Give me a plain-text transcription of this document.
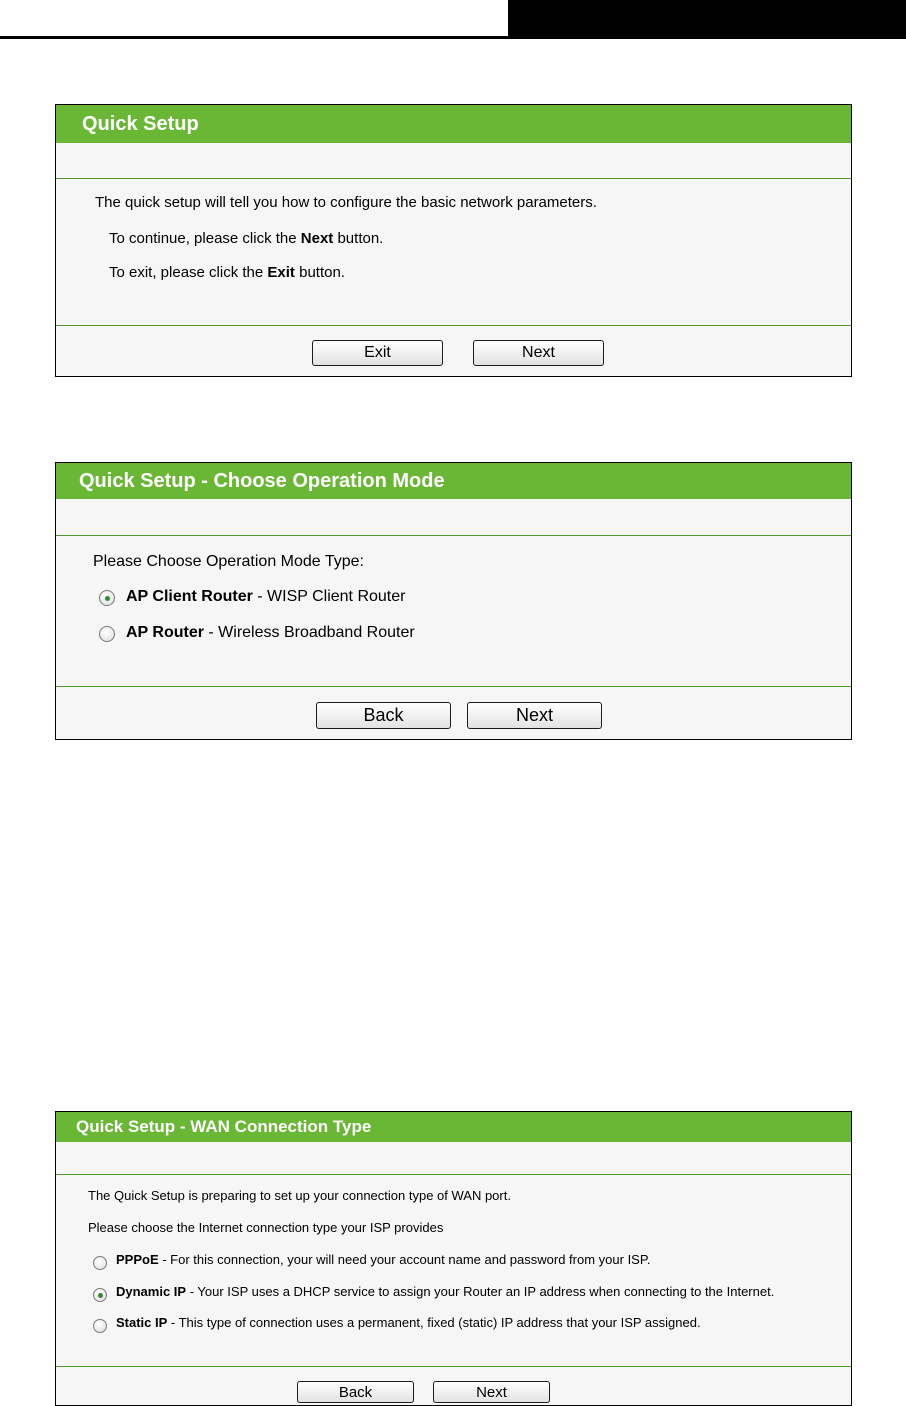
Quick Setup

The quick setup will tell you how to configure the basic network parameters.

To continue, please click the Next button.

To exit, please click the Exit button.

Exit	Next
Quick Setup - Choose Operation Mode

Please Choose Operation Mode Type:

AP Client Router - WISP Client Router

AP Router - Wireless Broadband Router

Back	Next
Quick Setup - WAN Connection Type

The Quick Setup is preparing to set up your connection type of WAN port.

Please choose the Internet connection type your ISP provides

PPPoE - For this connection, your will need your account name and password from your ISP.

Dynamic IP - Your ISP uses a DHCP service to assign your Router an IP address when connecting to the Internet.

Static IP - This type of connection uses a permanent, fixed (static) IP address that your ISP assigned.

Back	Next
